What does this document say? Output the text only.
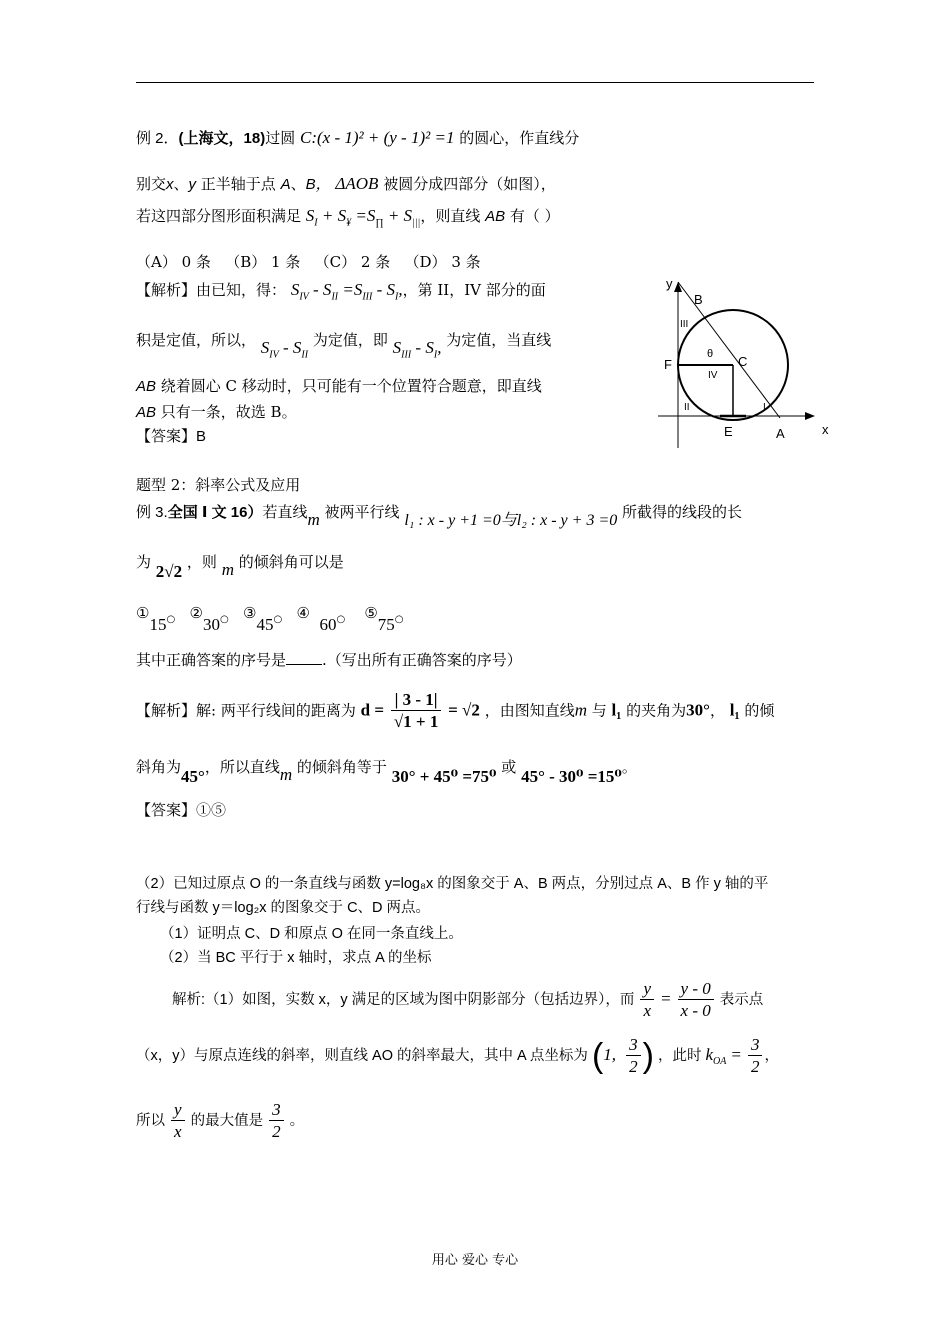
例 2．(上海文，18)过圆 C:(x - 1)² + (y - 1)² =1 的圆心，作直线分
别交x、y 正半轴于点 A、B， ΔAOB 被圆分成四部分（如图），
若这四部分图形面积满足 $S_I + S_¥ =S_\prod + S_{|||}$，则直线 AB 有（ ）
（A） 0 条 （B） 1 条 （C） 2 条 （D） 3 条
【解析】由已知，得： $S_{IV} - S_{II} =S_{III} - S_I$,，第 II，IV 部分的面
积是定值，所以， $S_{IV} - S_{II}$ 为定值，即 $S_{III} - S_I$, 为定值，当直线
AB 绕着圆心 C 移动时，只可能有一个位置符合题意，即直线
AB 只有一条，故选 B。
【答案】B
y
x
B
F	C
E	A
θ
III
IV
II	I
题型 2：斜率公式及应用
例 3.全国 Ⅰ 文 16）若直线m 被两平行线 l₁ : x - y +1 =0与l₂ : x - y + 3 =0 所截得的线段的长
为 2√2 ，则 m 的倾斜角可以是
①15○ ②30○ ③45○ ④  60○ ⑤75○
其中正确答案的序号是 .（写出所有正确答案的序号）
【解析】解: 两平行线间的距离为 $d = \frac{| 3 - 1|}{√1 + 1} = √2$ ，由图知直线m 与 l₁ 的夹角为30°， l₁ 的倾
斜角为45°，所以直线m 的倾斜角等于 30° + 45⁰ =75⁰ 或 45° - 30⁰ =15⁰。
【答案】①⑤
（2）已知过原点 O 的一条直线与函数 y=log₈x 的图象交于 A、B 两点，分别过点 A、B 作 y 轴的平
行线与函数 y＝log₂x 的图象交于 C、D 两点。
（1）证明点 C、D 和原点 O 在同一条直线上。
（2）当 BC 平行于 x 轴时，求点 A 的坐标
解析:（1）如图，实数 x，y 满足的区域为图中阴影部分（包括边界），而 $\frac{y}{x} = \frac{y - 0}{x - 0}$ 表示点
（x，y）与原点连线的斜率，则直线 AO 的斜率最大，其中 A 点坐标为 (1, $\frac{3}{2}$ ) ，此时 $k_{OA} = \frac{3}{2}$ ，
所以 $\frac{y}{x}$ 的最大值是 $\frac{3}{2}$ 。
用心 爱心 专心
